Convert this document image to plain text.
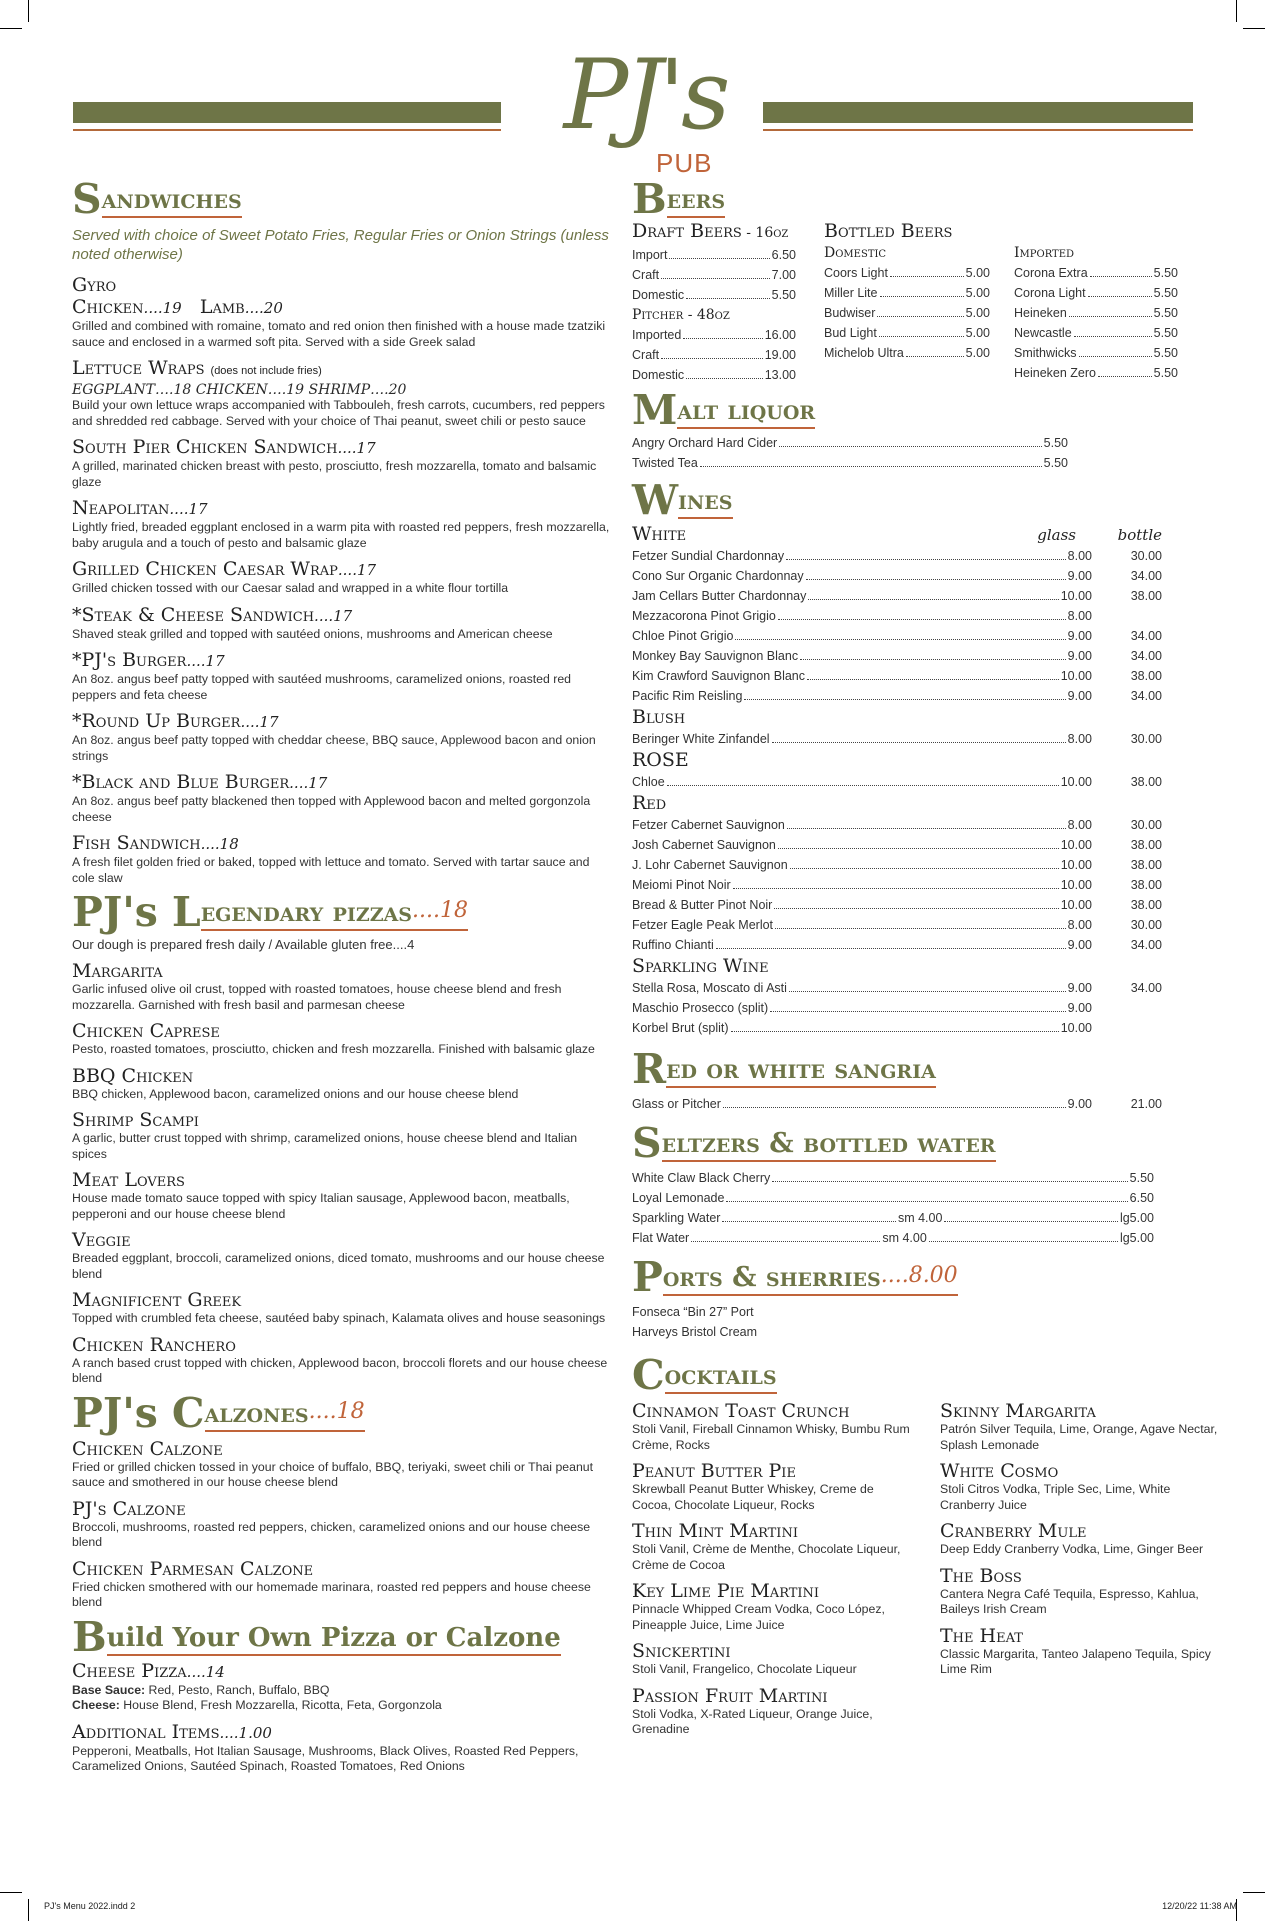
PJ's
PUB
S andwiches
Served with choice of Sweet Potato Fries, Regular Fries or Onion Strings (unless noted otherwise)
Gyro
Chicken....19 Lamb....20
Grilled and combined with romaine, tomato and red onion then finished with a house made tzatziki sauce and enclosed in a warmed soft pita. Served with a side Greek salad
Lettuce Wraps (does not include fries)
EGGPLANT….18 CHICKEN….19 SHRIMP….20
Build your own lettuce wraps accompanied with Tabbouleh, fresh carrots, cucumbers, red peppers and shredded red cabbage. Served with your choice of Thai peanut, sweet chili or pesto sauce
South Pier Chicken Sandwich....17
A grilled, marinated chicken breast with pesto, prosciutto, fresh mozzarella, tomato and balsamic glaze
Neapolitan....17
Lightly fried, breaded eggplant enclosed in a warm pita with roasted red peppers, fresh mozzarella, baby arugula and a touch of pesto and balsamic glaze
Grilled Chicken Caesar Wrap....17
Grilled chicken tossed with our Caesar salad and wrapped in a white flour tortilla
*Steak & Cheese Sandwich....17
Shaved steak grilled and topped with sautéed onions, mushrooms and American cheese
*PJ's Burger....17
An 8oz. angus beef patty topped with sautéed mushrooms, caramelized onions, roasted red peppers and feta cheese
*Round Up Burger....17
An 8oz. angus beef patty topped with cheddar cheese, BBQ sauce, Applewood bacon and onion strings
*Black and Blue Burger....17
An 8oz. angus beef patty blackened then topped with Applewood bacon and melted gorgonzola cheese
Fish Sandwich....18
A fresh filet golden fried or baked, topped with lettuce and tomato. Served with tartar sauce and cole slaw
PJ's L egendary pizzas ....18
Our dough is prepared fresh daily / Available gluten free....4
Margarita
Garlic infused olive oil crust, topped with roasted tomatoes, house cheese blend and fresh mozzarella. Garnished with fresh basil and parmesan cheese
Chicken Caprese
Pesto, roasted tomatoes, prosciutto, chicken and fresh mozzarella. Finished with balsamic glaze
BBQ Chicken
BBQ chicken, Applewood bacon, caramelized onions and our house cheese blend
Shrimp Scampi
A garlic, butter crust topped with shrimp, caramelized onions, house cheese blend and Italian spices
Meat Lovers
House made tomato sauce topped with spicy Italian sausage, Applewood bacon, meatballs, pepperoni and our house cheese blend
Veggie
Breaded eggplant, broccoli, caramelized onions, diced tomato, mushrooms and our house cheese blend
Magnificent Greek
Topped with crumbled feta cheese, sautéed baby spinach, Kalamata olives and house seasonings
Chicken Ranchero
A ranch based crust topped with chicken, Applewood bacon, broccoli florets and our house cheese blend
PJ's C alzones ....18
Chicken Calzone
Fried or grilled chicken tossed in your choice of buffalo, BBQ, teriyaki, sweet chili or Thai peanut sauce and smothered in our house cheese blend
PJ's Calzone
Broccoli, mushrooms, roasted red peppers, chicken, caramelized onions and our house cheese blend
Chicken Parmesan Calzone
Fried chicken smothered with our homemade marinara, roasted red peppers and house cheese blend
B uild Your Own Pizza or Calzone
Cheese Pizza....14
Base Sauce: Red, Pesto, Ranch, Buffalo, BBQ
Cheese: House Blend, Fresh Mozzarella, Ricotta, Feta, Gorgonzola
Additional Items....1.00
Pepperoni, Meatballs, Hot Italian Sausage, Mushrooms, Black Olives, Roasted Red Peppers, Caramelized Onions, Sautéed Spinach, Roasted Tomatoes, Red Onions
B eers
Draft Beers - 16oz
Import	6.50
Craft	7.00
Domestic	5.50
Pitcher - 48oz
Imported	16.00
Craft	19.00
Domestic	13.00
Bottled Beers
Domestic
Coors Light	5.00
Miller Lite	5.00
Budwiser	5.00
Bud Light	5.00
Michelob Ultra	5.00
Imported
Corona Extra	5.50
Corona Light	5.50
Heineken	5.50
Newcastle	5.50
Smithwicks	5.50
Heineken Zero	5.50
M alt liquor
Angry Orchard Hard Cider	5.50
Twisted Tea	5.50
W ines
White	glass	bottle
Fetzer Sundial Chardonnay	8.00	30.00
Cono Sur Organic Chardonnay	9.00	34.00
Jam Cellars Butter Chardonnay	10.00	38.00
Mezzacorona Pinot Grigio	8.00
Chloe Pinot Grigio	9.00	34.00
Monkey Bay Sauvignon Blanc	9.00	34.00
Kim Crawford Sauvignon Blanc	10.00	38.00
Pacific Rim Reisling	9.00	34.00
Blush
Beringer White Zinfandel	8.00	30.00
ROSE
Chloe	10.00	38.00
Red
Fetzer Cabernet Sauvignon	8.00	30.00
Josh Cabernet Sauvignon	10.00	38.00
J. Lohr Cabernet Sauvignon	10.00	38.00
Meiomi Pinot Noir	10.00	38.00
Bread & Butter Pinot Noir	10.00	38.00
Fetzer Eagle Peak Merlot	8.00	30.00
Ruffino Chianti	9.00	34.00
Sparkling Wine
Stella Rosa, Moscato di Asti	9.00	34.00
Maschio Prosecco (split)	9.00
Korbel Brut (split)	10.00
R ed or white sangria
Glass or Pitcher	9.00	21.00
S eltzers & bottled water
White Claw Black Cherry	5.50
Loyal Lemonade	6.50
Sparkling Water	sm 4.00	lg5.00
Flat Water	sm 4.00	lg5.00
P orts & sherries ....8.00
Fonseca “Bin 27” Port
Harveys Bristol Cream
C ocktails
Cinnamon Toast Crunch
Stoli Vanil, Fireball Cinnamon Whisky, Bumbu Rum Crème, Rocks
Peanut Butter Pie
Skrewball Peanut Butter Whiskey, Creme de Cocoa, Chocolate Liqueur, Rocks
Thin Mint Martini
Stoli Vanil, Crème de Menthe, Chocolate Liqueur, Crème de Cocoa
Key Lime Pie Martini
Pinnacle Whipped Cream Vodka, Coco López, Pineapple Juice, Lime Juice
Snickertini
Stoli Vanil, Frangelico, Chocolate Liqueur
Passion Fruit Martini
Stoli Vodka, X-Rated Liqueur, Orange Juice, Grenadine
Skinny Margarita
Patrón Silver Tequila, Lime, Orange, Agave Nectar, Splash Lemonade
White Cosmo
Stoli Citros Vodka, Triple Sec, Lime, White Cranberry Juice
Cranberry Mule
Deep Eddy Cranberry Vodka, Lime, Ginger Beer
The Boss
Cantera Negra Café Tequila, Espresso, Kahlua, Baileys Irish Cream
The Heat
Classic Margarita, Tanteo Jalapeno Tequila, Spicy Lime Rim
PJ's Menu 2022.indd 2	12/20/22 11:38 AM
